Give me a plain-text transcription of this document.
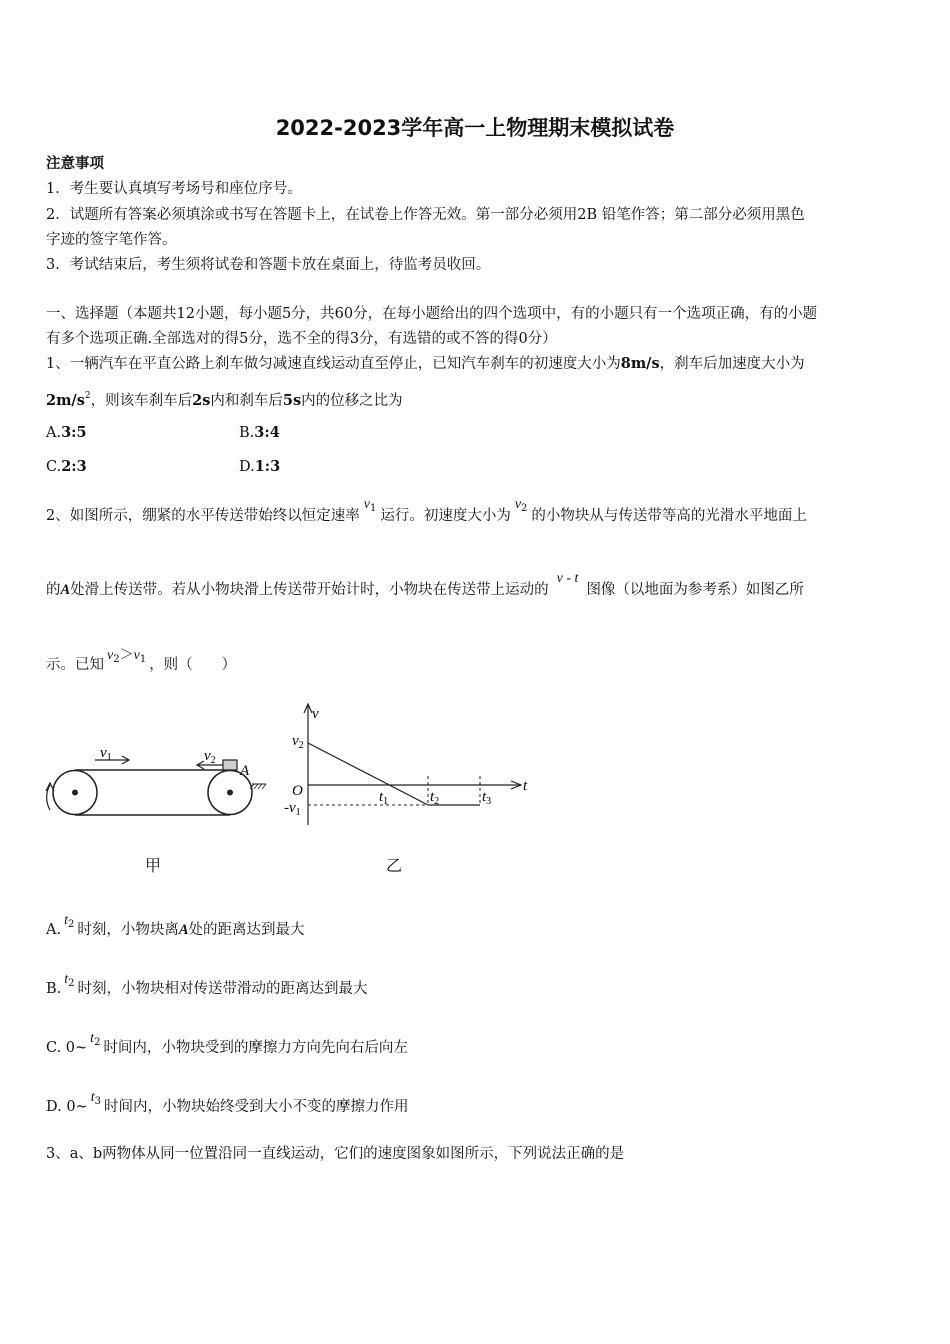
2022-2023学年高一上物理期末模拟试卷
注意事项
1．考生要认真填写考场号和座位序号。
2．试题所有答案必须填涂或书写在答题卡上，在试卷上作答无效。第一部分必须用2B 铅笔作答；第二部分必须用黑色
字迹的签字笔作答。
3．考试结束后，考生须将试卷和答题卡放在桌面上，待监考员收回。
一、选择题（本题共12小题，每小题5分，共60分，在每小题给出的四个选项中，有的小题只有一个选项正确，有的小题
有多个选项正确.全部选对的得5分，选不全的得3分，有选错的或不答的得0分）
1、一辆汽车在平直公路上刹车做匀减速直线运动直至停止，已知汽车刹车的初速度大小为8m/s，刹车后加速度大小为
$2m/s^2$，则该车刹车后2s内和刹车后5s内的位移之比为
A.3:5	B.3:4
C.2:3	D.1:3
2、如图所示，绷紧的水平传送带始终以恒定速率$v_1$ 运行。初速度大小为$v_2$ 的小物块从与传送带等高的光滑水平地面上
的A处滑上传送带。若从小物块滑上传送带开始计时，小物块在传送带上运动的v - t图像（以地面为参考系）如图乙所
示。已知$v_2>v_1$ ，则（　　）
$v_1$	$v_2$
A
v
t
O
$v_2$
$-v_1$
$t_1$	$t_2$	$t_3$
甲	乙
$A.t_2$ 时刻，小物块离A处的距离达到最大
$B.t_2$ 时刻，小物块相对传送带滑动的距离达到最大
C. $0\sim t_2$ 时间内，小物块受到的摩擦力方向先向右后向左
D. $0\sim t_3$ 时间内，小物块始终受到大小不变的摩擦力作用
3、a、b两物体从同一位置沿同一直线运动，它们的速度图象如图所示，下列说法正确的是
